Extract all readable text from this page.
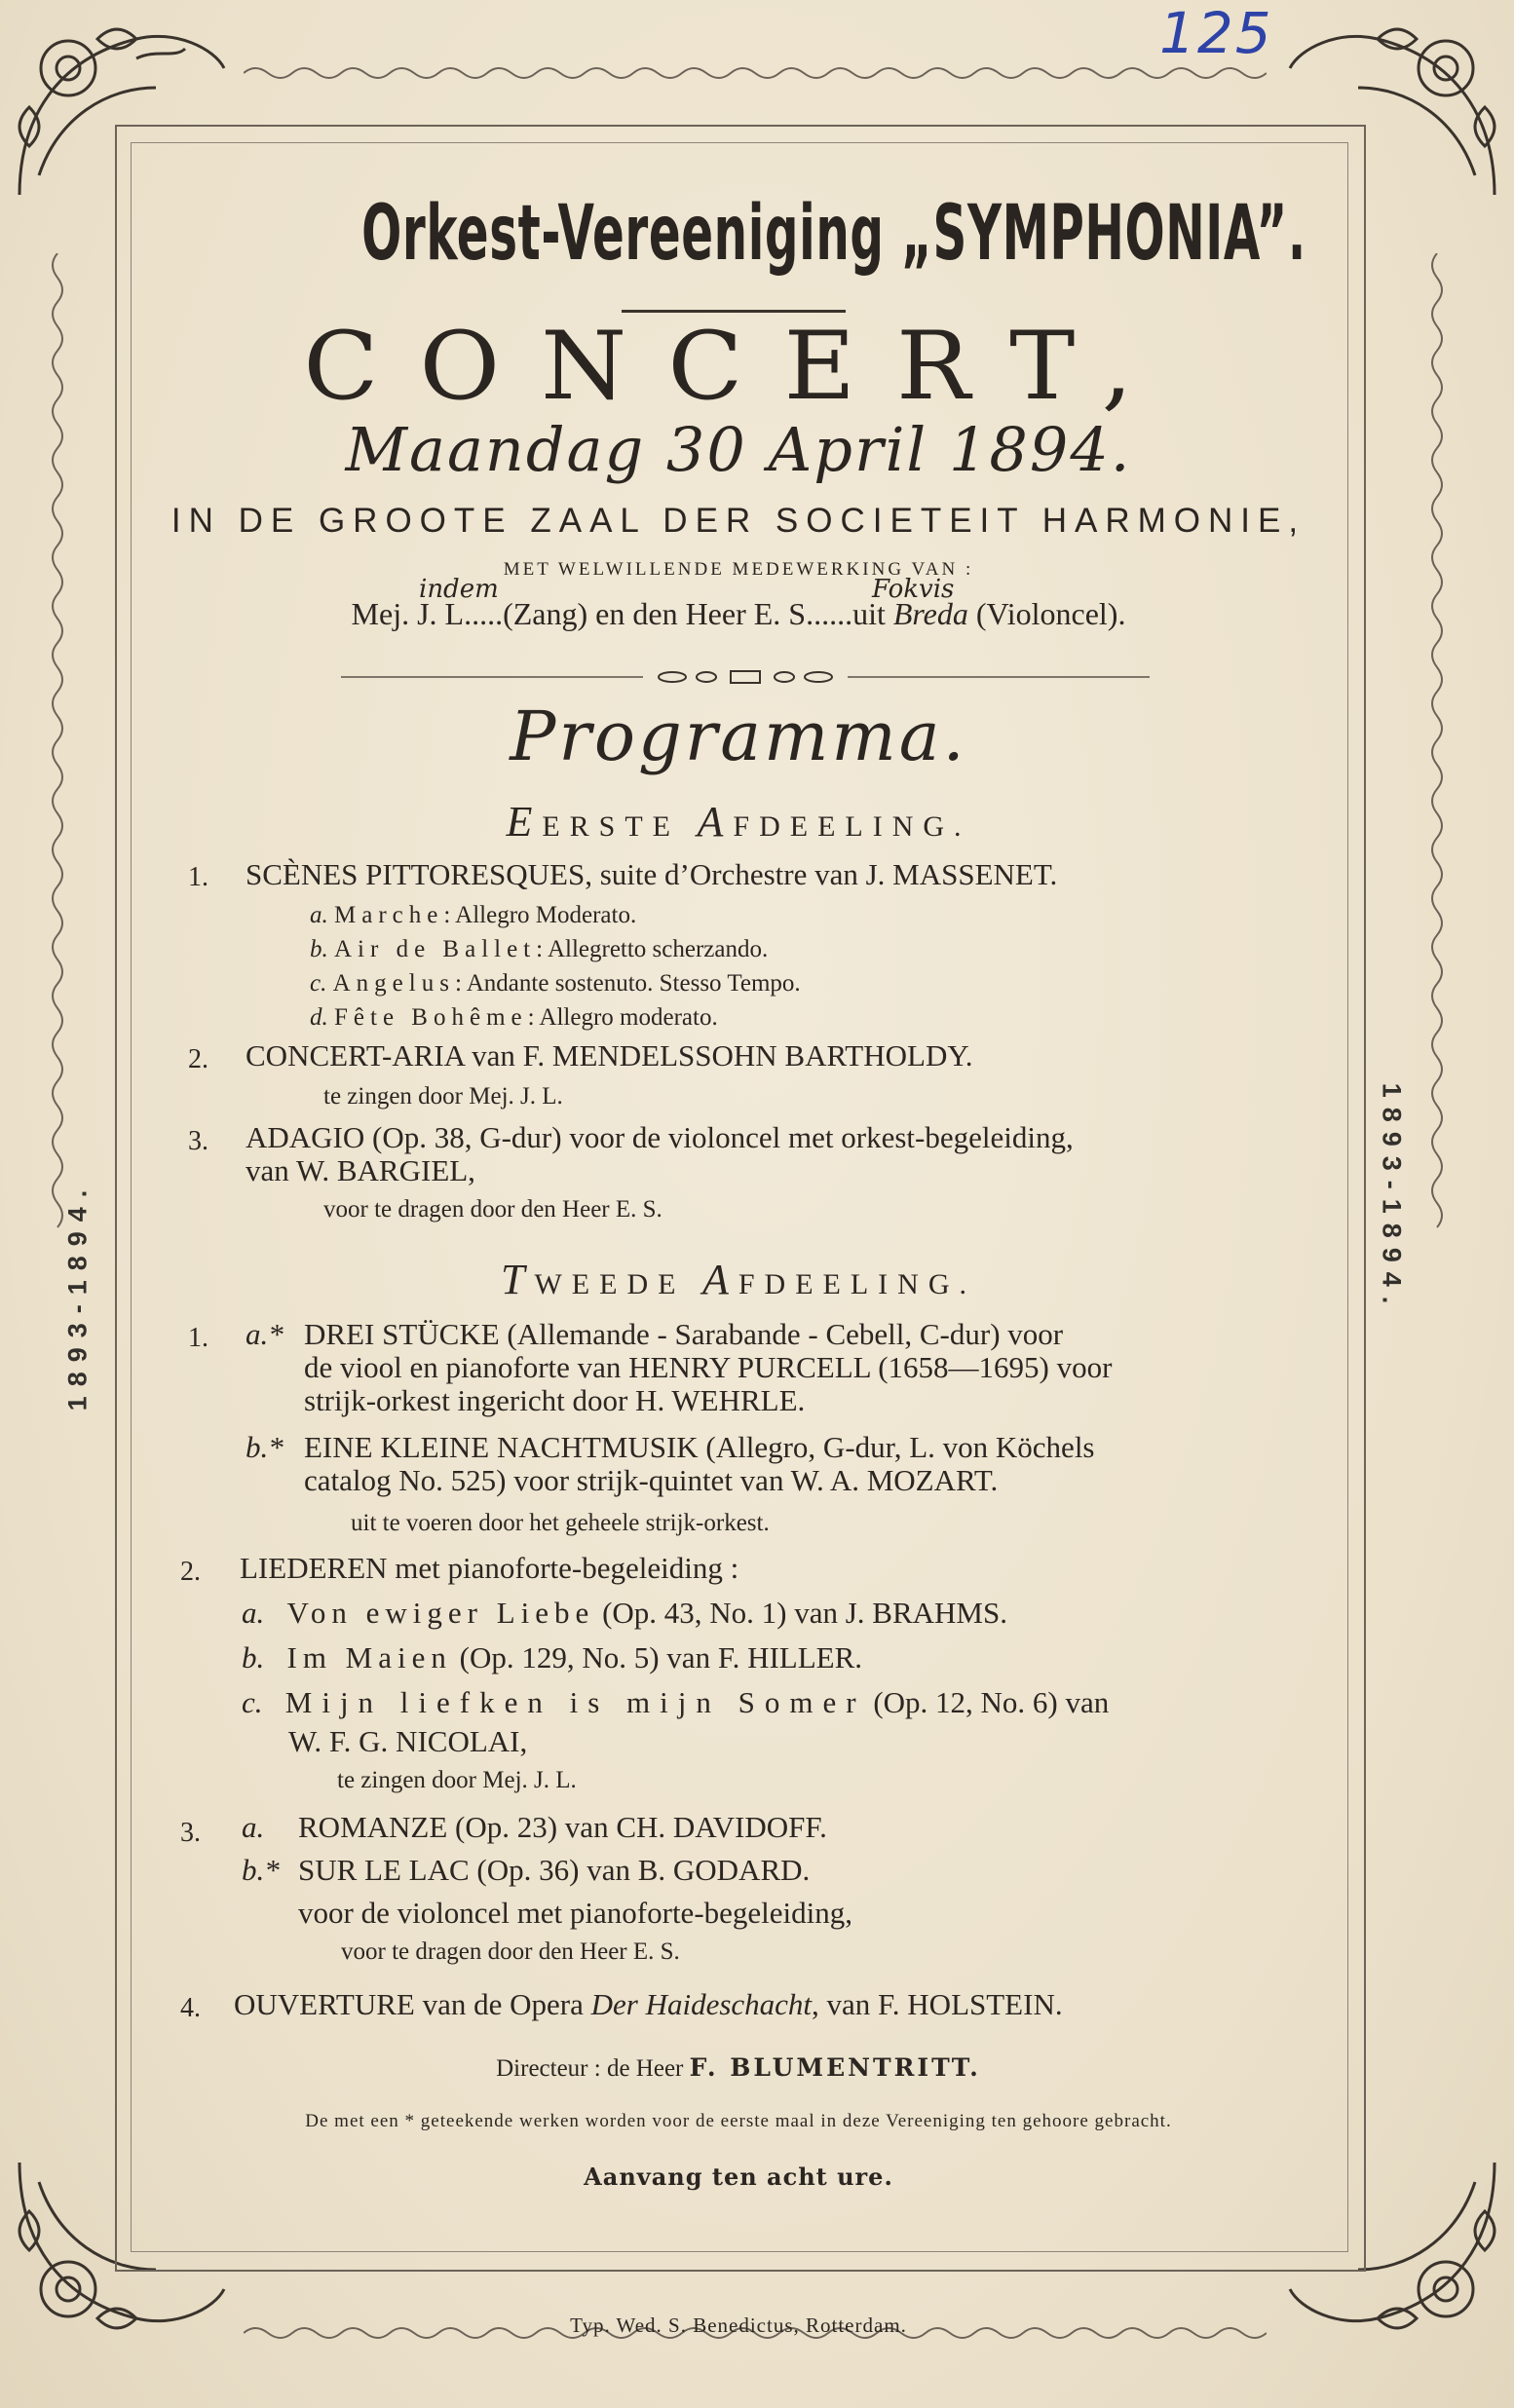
125
1893-1894.	1893-1894.
Orkest-Vereeniging „SYMPHONIA”.
CONCERT,
Maandag 30 April 1894.
IN DE GROOTE ZAAL DER SOCIETEIT HARMONIE,
MET WELWILLENDE MEDEWERKING VAN :
Mej. J. L.....(Zang) en den Heer E. S......uit Breda (Violoncel).
indem	Fokvis
Programma.
EERSTE AFDEELING.
1. SCÈNES PITTORESQUES, suite d’Orchestre van J. MASSENET.
a. Marche: Allegro Moderato.
b. Air de Ballet: Allegretto scherzando.
c. Angelus: Andante sostenuto. Stesso Tempo.
d. Fête Bohême: Allegro moderato.
2. CONCERT-ARIA van F. MENDELSSOHN BARTHOLDY.
te zingen door Mej. J. L.
3. ADAGIO (Op. 38, G-dur) voor de violoncel met orkest-begeleiding,
van W. BARGIEL,
voor te dragen door den Heer E. S.
TWEEDE AFDEELING.
1. a.* DREI STÜCKE (Allemande - Sarabande - Cebell, C-dur) voor
de viool en pianoforte van HENRY PURCELL (1658—1695) voor
strijk-orkest ingericht door H. WEHRLE.
b.* EINE KLEINE NACHTMUSIK (Allegro, G-dur, L. von Köchels
catalog No. 525) voor strijk-quintet van W. A. MOZART.
uit te voeren door het geheele strijk-orkest.
2. LIEDEREN met pianoforte-begeleiding :
a. Von ewiger Liebe (Op. 43, No. 1) van J. BRAHMS.
b. Im Maien (Op. 129, No. 5) van F. HILLER.
c. Mijn liefken is mijn Somer (Op. 12, No. 6) van
W. F. G. NICOLAI,
te zingen door Mej. J. L.
3. a. ROMANZE (Op. 23) van CH. DAVIDOFF.
b.* SUR LE LAC (Op. 36) van B. GODARD.
voor de violoncel met pianoforte-begeleiding,
voor te dragen door den Heer E. S.
4. OUVERTURE van de Opera Der Haideschacht, van F. HOLSTEIN.
Directeur : de Heer F. BLUMENTRITT.
De met een * geteekende werken worden voor de eerste maal in deze Vereeniging ten gehoore gebracht.
Aanvang ten acht ure.
Typ. Wed. S. Benedictus, Rotterdam.
